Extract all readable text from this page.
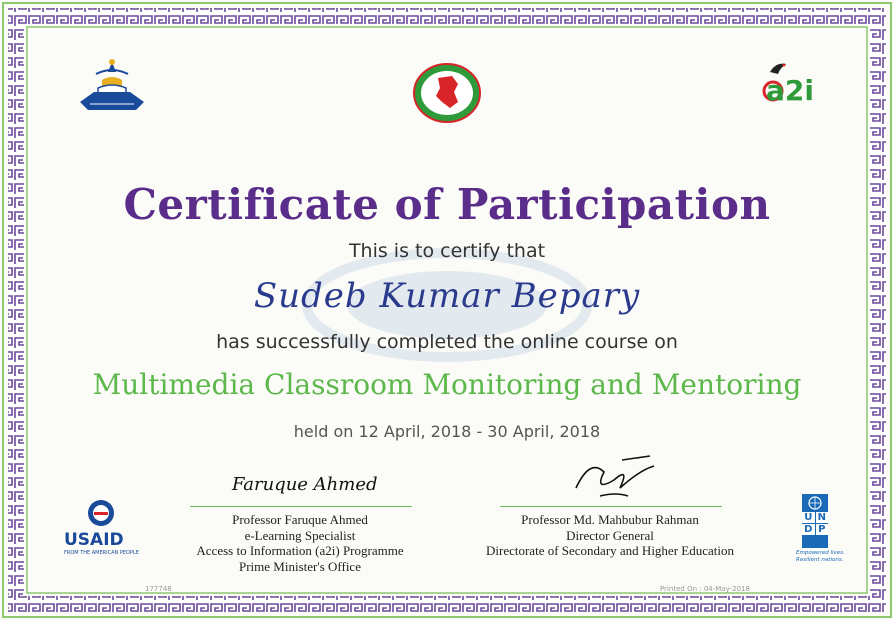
a2i
Certificate of Participation
This is to certify that
Sudeb Kumar Bepary
has successfully completed the online course on
Multimedia Classroom Monitoring and Mentoring
held on 12 April, 2018 - 30 April, 2018
Faruque Ahmed
Professor Faruque Ahmed
e-Learning Specialist
Access to Information (a2i) Programme
Prime Minister's Office
Professor Md. Mahbubur Rahman
Director General
Directorate of Secondary and Higher Education
USAID
FROM THE AMERICAN PEOPLE
U N
D P
Empowered lives.
Resilient nations.
177748	Printed On : 04-May-2018
